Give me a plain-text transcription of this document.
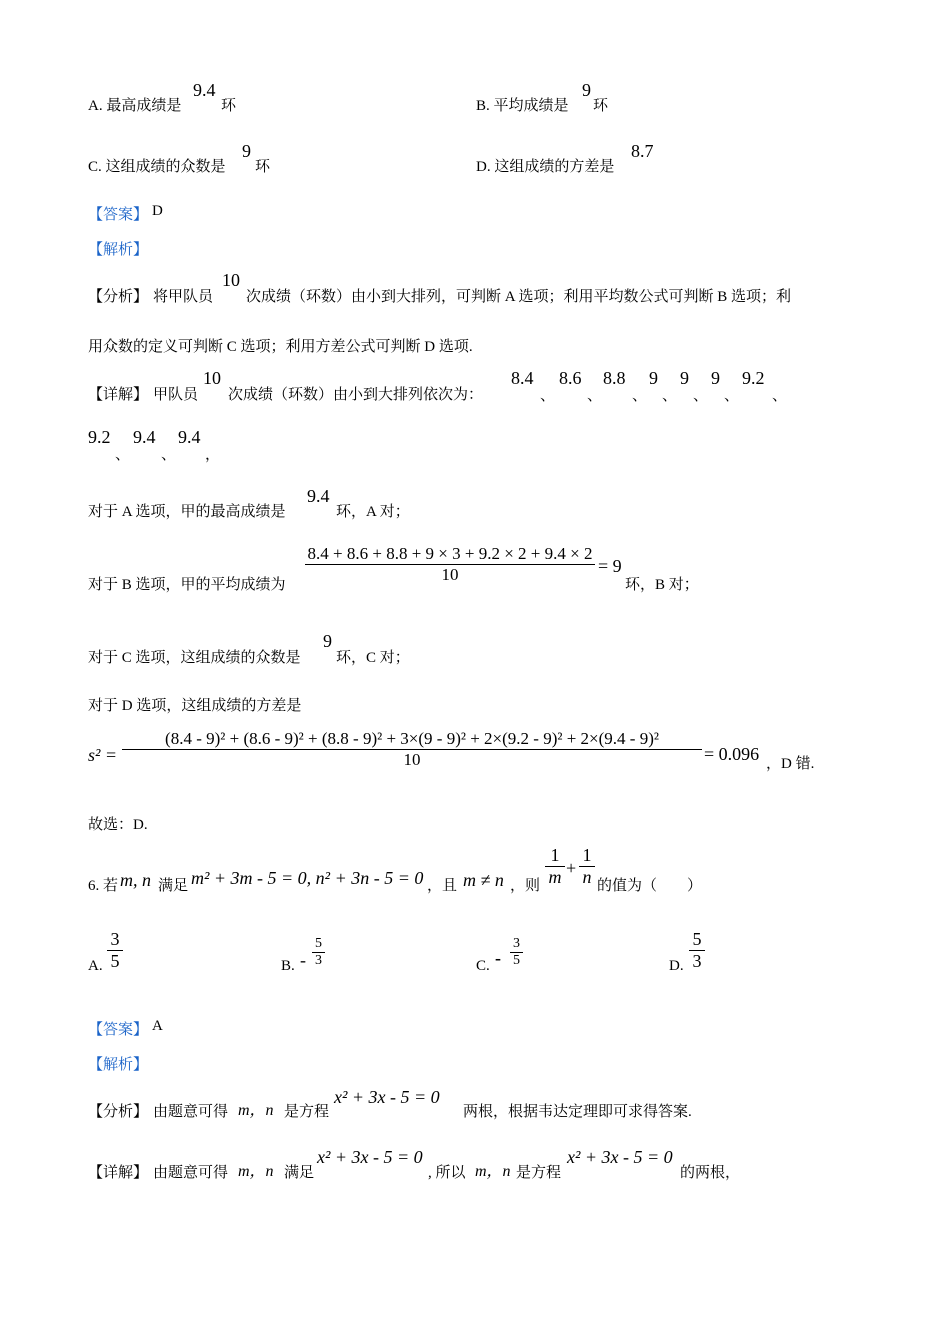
A. 最高成绩是
9.4
环	B. 平均成绩是
9
环
C. 这组成绩的众数是
9
环	D. 这组成绩的方差是
8.7
【答案】 D
【解析】
【分析】 将甲队员
10
次成绩（环数）由小到大排列，可判断 A 选项；利用平均数公式可判断 B 选项；利
用众数的定义可判断 C 选项；利用方差公式可判断 D 选项.
【详解】 甲队员
10
次成绩（环数）由小到大排列依次为：
8.4
、
8.6
、
8.8
、
9
、
9
、
9
、
9.2
、
9.2
、
9.4
、
9.4
，
对于 A 选项，甲的最高成绩是
9.4
环，A 对；
对于 B 选项，甲的平均成绩为
8.4 + 8.6 + 8.8 + 9 × 3 + 9.2 × 2 + 9.4 × 2
10	= 9
环，B 对；
对于 C 选项，这组成绩的众数是
9
环，C 对；
对于 D 选项，这组成绩的方差是
s² =
(8.4 - 9)² + (8.6 - 9)² + (8.8 - 9)² + 3×(9 - 9)² + 2×(9.2 - 9)² + 2×(9.4 - 9)²
10	= 0.096 ，D 错.
故选：D.
6. 若 m, n 满足 m² + 3m - 5 = 0, n² + 3n - 5 = 0 ，且 m ≠ n ，则
1
m +
1
n 的值为（　　）
A.
3
5	B. -
5
3	C. -
3
5	D.
5
3
【答案】 A
【解析】
【分析】 由题意可得 m，n 是方程
x² + 3x - 5 = 0
两根，根据韦达定理即可求得答案.
【详解】 由题意可得 m，n 满足
x² + 3x - 5 = 0
, 所以 m，n 是方程
x² + 3x - 5 = 0
的两根，
